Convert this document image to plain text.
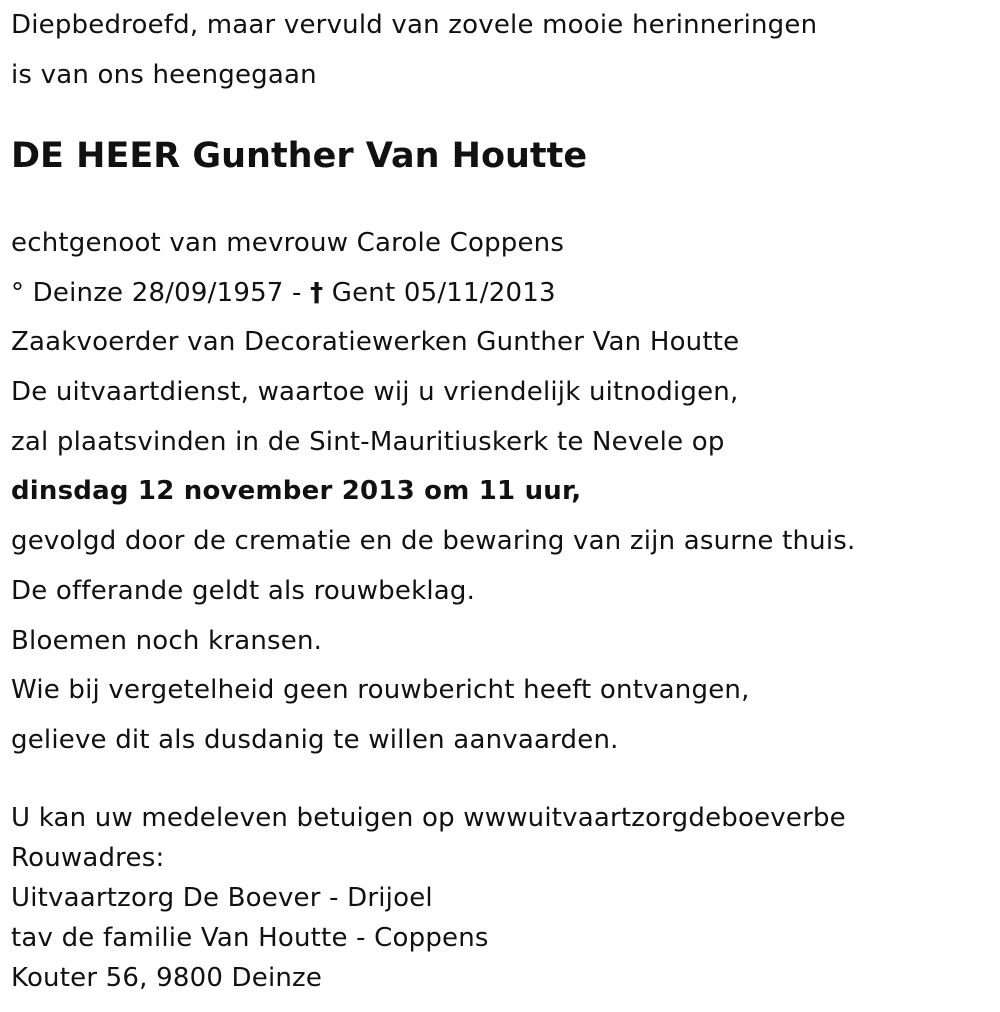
Diepbedroefd, maar vervuld van zovele mooie herinneringen

is van ons heengegaan

DE HEER Gunther Van Houtte

echtgenoot van mevrouw Carole Coppens

° Deinze 28/09/1957 - † Gent 05/11/2013

Zaakvoerder van Decoratiewerken Gunther Van Houtte

De uitvaartdienst, waartoe wij u vriendelijk uitnodigen,

zal plaatsvinden in de Sint-Mauritiuskerk te Nevele op

dinsdag 12 november 2013 om 11 uur,

gevolgd door de crematie en de bewaring van zijn asurne thuis.

De offerande geldt als rouwbeklag.

Bloemen noch kransen.

Wie bij vergetelheid geen rouwbericht heeft ontvangen,

gelieve dit als dusdanig te willen aanvaarden.

U kan uw medeleven betuigen op wwwuitvaartzorgdeboeverbe

Rouwadres:

Uitvaartzorg De Boever - Drijoel

tav de familie Van Houtte - Coppens

Kouter 56, 9800 Deinze
